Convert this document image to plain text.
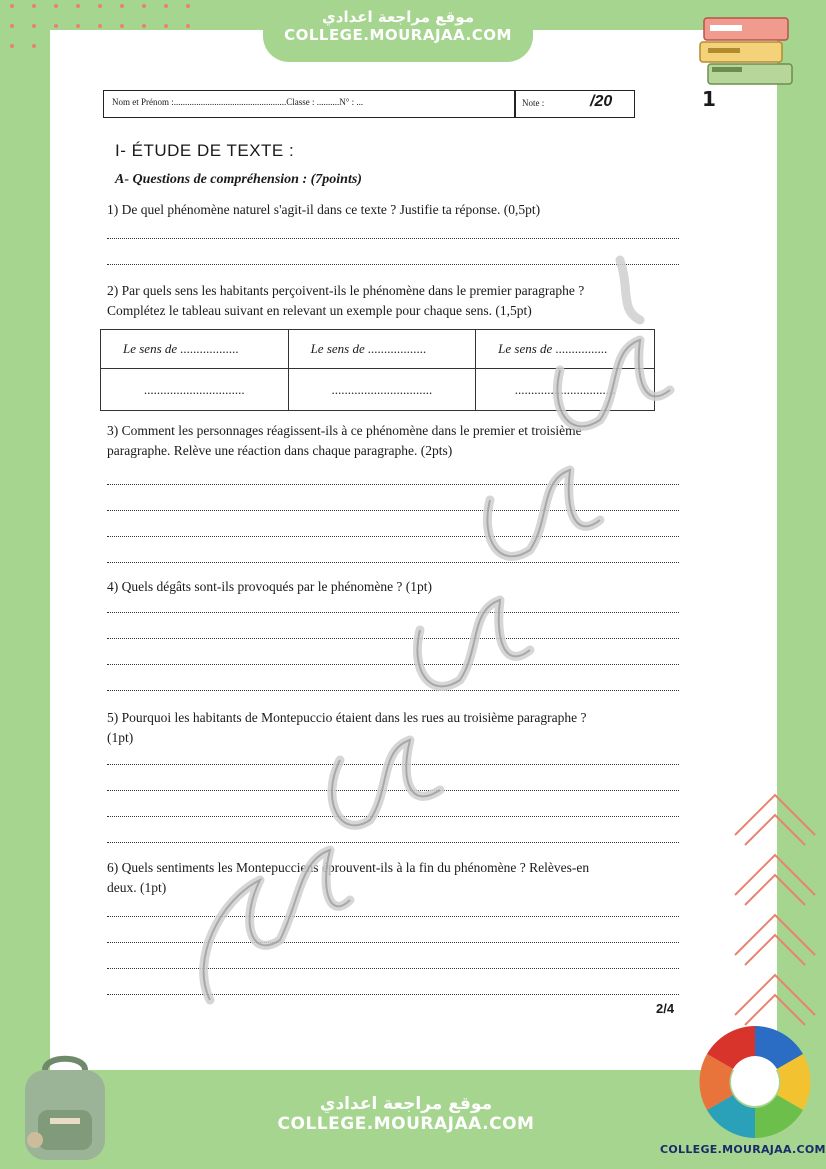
موقع مراجعة اعدادي
COLLEGE.MOURAJAA.COM
1
Nom et Prénom :..................................................Classe : ..........N° : ...	Note :	/20
I- ÉTUDE DE TEXTE :
A- Questions de compréhension : (7points)
1) De quel phénomène naturel s'agit-il dans ce texte ? Justifie ta réponse. (0,5pt)
2) Par quels sens les habitants perçoivent-ils le phénomène dans le premier paragraphe ?
Complétez le tableau suivant en relevant un exemple pour chaque sens. (1,5pt)
Le sens de ..................	Le sens de ..................	Le sens de ................
...............................	...............................	...............................
3) Comment les personnages réagissent-ils à ce phénomène dans le premier et troisième
paragraphe. Relève une réaction dans chaque paragraphe. (2pts)
4) Quels dégâts sont-ils provoqués par le phénomène ? (1pt)
5) Pourquoi les habitants de Montepuccio étaient dans les rues au troisième paragraphe ?
(1pt)
6) Quels sentiments les Montepucciens éprouvent-ils à la fin du phénomène ? Relèves-en
deux. (1pt)
2/4
موقع مراجعة اعدادي
COLLEGE.MOURAJAA.COM
COLLEGE.MOURAJAA.COM
